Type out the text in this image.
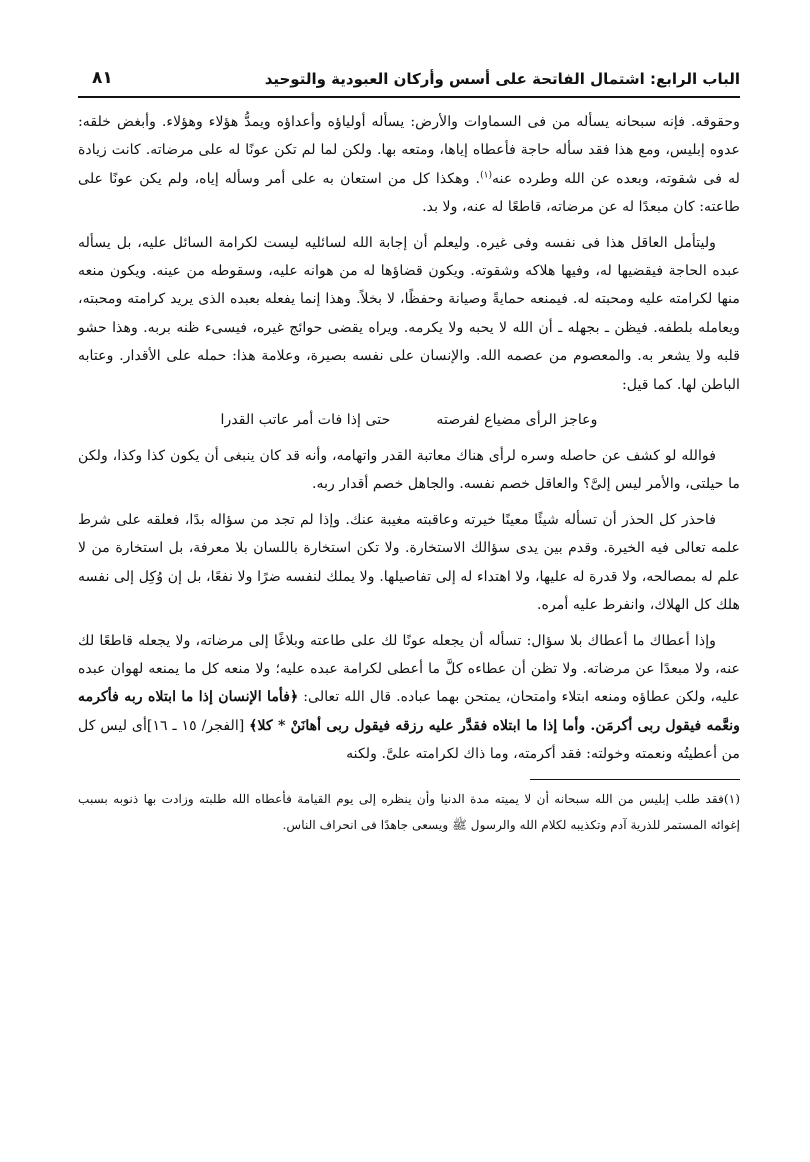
الباب الرابع: اشتمال الفاتحة على أسس وأركان العبودية والتوحيد
٨١

وحقوقه. فإنه سبحانه يسأله من فى السماوات والأرض: يسأله أولياؤه وأعداؤه ويمدُّ هؤلاء وهؤلاء. وأبغض خلقه: عدوه إبليس، ومع هذا فقد سأله حاجة فأعطاه إياها، ومتعه بها. ولكن لما لم تكن عونًا له على مرضاته. كانت زيادة له فى شقوته، وبعده عن الله وطرده عنه$^{(١)}$. وهكذا كل من استعان به على أمر وسأله إياه، ولم يكن عونًا على طاعته: كان مبعدًا له عن مرضاته، قاطعًا له عنه، ولا بد.

وليتأمل العاقل هذا فى نفسه وفى غيره. وليعلم أن إجابة الله لسائليه ليست لكرامة السائل عليه، بل يسأله عبده الحاجة فيقضيها له، وفيها هلاكه وشقوته. ويكون قضاؤها له من هوانه عليه، وسقوطه من عينه. ويكون منعه منها لكرامته عليه ومحبته له. فيمنعه حمايةً وصيانة وحفظًا، لا بخلاً. وهذا إنما يفعله بعبده الذى يريد كرامته ومحبته، ويعامله بلطفه. فيظن ـ بجهله ـ أن الله لا يحبه ولا يكرمه. ويراه يقضى حوائج غيره، فيسىء ظنه بربه. وهذا حشو قلبه ولا يشعر به. والمعصوم من عصمه الله. والإنسان على نفسه بصيرة، وعلامة هذا: حمله على الأقدار. وعتابه الباطن لها. كما قيل:

وعاجز الرأى مضياع لفرصته
حتى إذا فات أمر عاتب القدرا

فوالله لو كشف عن حاصله وسره لرأى هناك معاتبة القدر واتهامه، وأنه قد كان ينبغى أن يكون كذا وكذا، ولكن ما حيلتى، والأمر ليس إلىَّ؟ والعاقل خصم نفسه. والجاهل خصم أقدار ربه.

فاحذر كل الحذر أن تسأله شيئًا معينًا خيرته وعاقبته مغيبة عنك. وإذا لم تجد من سؤاله بدًا، فعلقه على شرط علمه تعالى فيه الخيرة. وقدم بين يدى سؤالك الاستخارة. ولا تكن استخارة باللسان بلا معرفة، بل استخارة من لا علم له بمصالحه، ولا قدرة له عليها، ولا اهتداء له إلى تفاصيلها. ولا يملك لنفسه ضرًا ولا نفعًا، بل إن وُكِل إلى نفسه هلك كل الهلاك، وانفرط عليه أمره.

وإذا أعطاك ما أعطاك بلا سؤال: تسأله أن يجعله عونًا لك على طاعته وبلاغًا إلى مرضاته، ولا يجعله قاطعًا لك عنه، ولا مبعدًا عن مرضاته. ولا تظن أن عطاءه كلَّ ما أعطى لكرامة عبده عليه؛ ولا منعه كل ما يمنعه لهوان عبده عليه، ولكن عطاؤه ومنعه ابتلاء وامتحان، يمتحن بهما عباده. قال الله تعالى: ﴿فأما الإنسان إذا ما ابتلاه ربه فأكرمه ونعَّمه فيقول ربى أكرمَن. وأما إذا ما ابتلاه فقدَّر عليه رزقه فيقول ربى أهانَنْ * كلا﴾ [الفجر/ ١٥ ـ ١٦]أى ليس كل من أعطيتُه ونعمته وخولته: فقد أكرمته، وما ذاك لكرامته علىَّ. ولكنه

(١)فقد طلب إبليس من الله سبحانه أن لا يميته مدة الدنيا وأن ينظره إلى يوم القيامة فأعطاه الله طلبته وزادت بها ذنوبه بسبب إغوائه المستمر للذرية آدم وتكذيبه لكلام الله والرسول ﷺ ويسعى جاهدًا فى انحراف الناس.
